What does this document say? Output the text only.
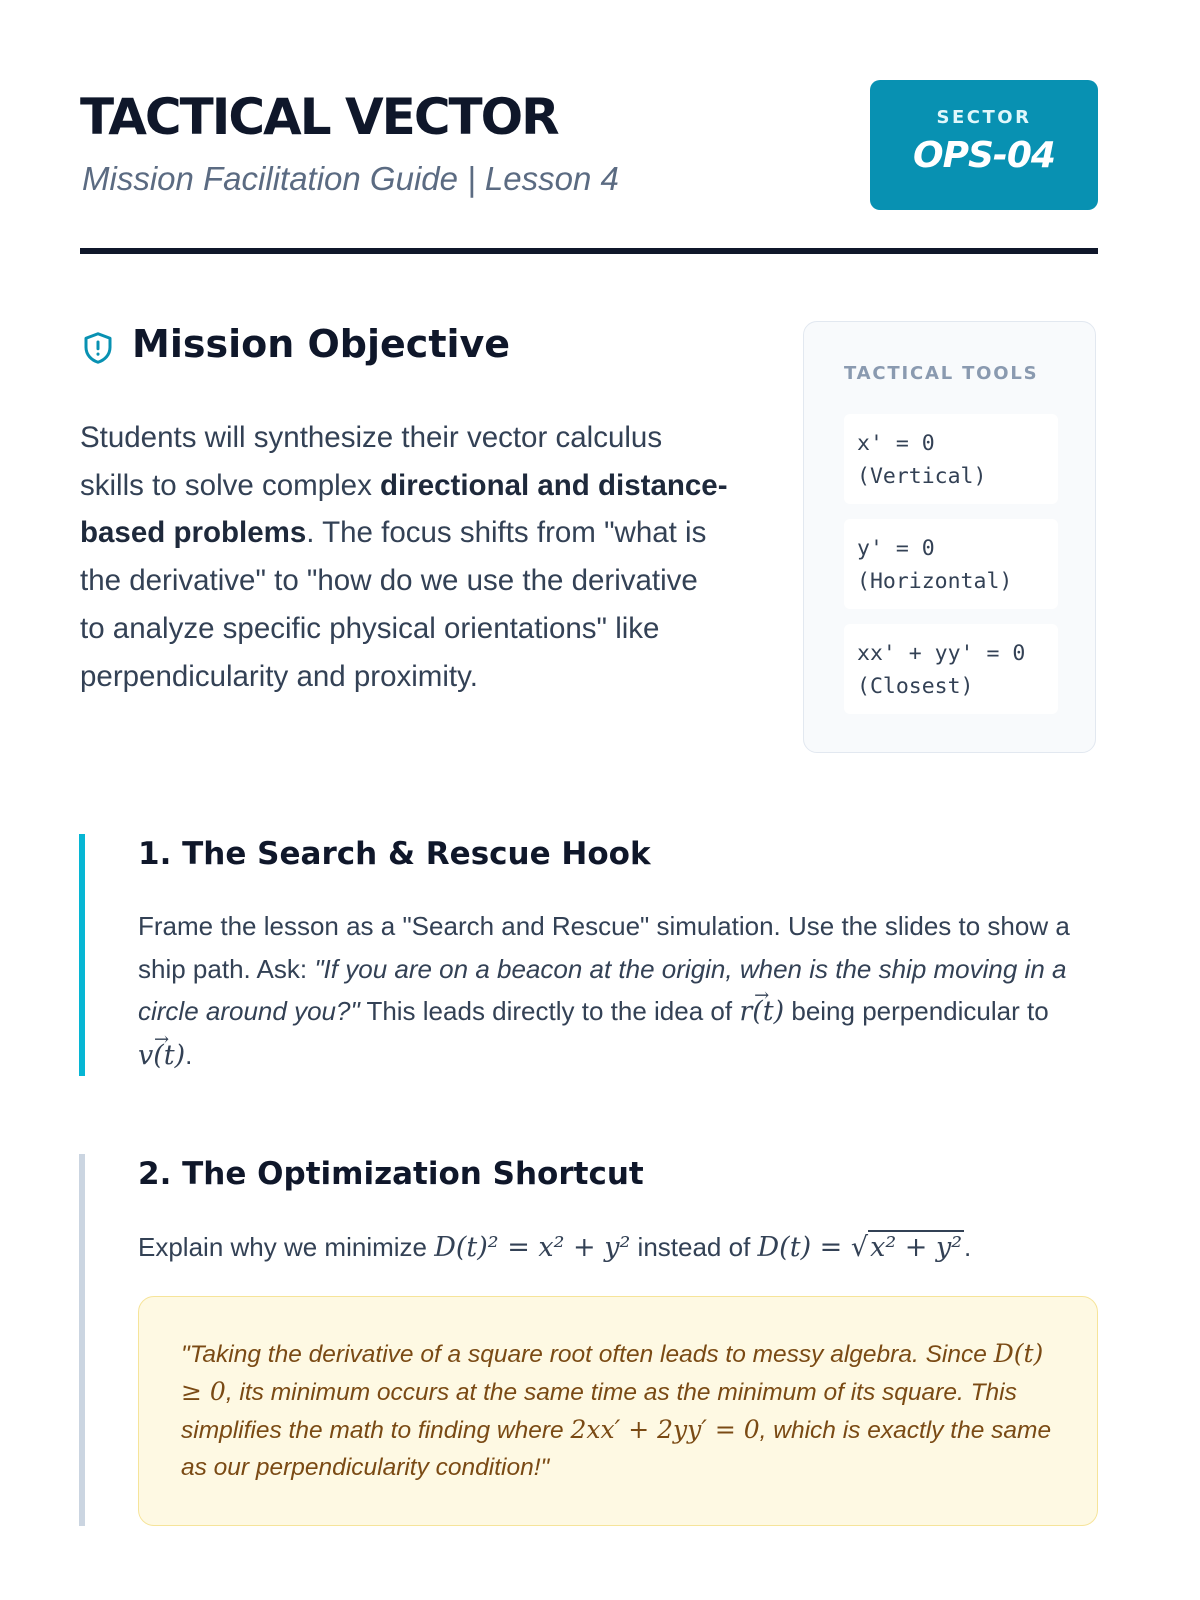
TACTICAL VECTOR
Mission Facilitation Guide | Lesson 4
SECTOR
OPS-04
Mission Objective

Students will synthesize their vector calculus skills to solve complex directional and distance-based problems. The focus shifts from "what is the derivative" to "how do we use the derivative to analyze specific physical orientations" like perpendicularity and proximity.

TACTICAL TOOLS
x' = 0
(Vertical)
y' = 0
(Horizontal)
xx' + yy' = 0
(Closest)
1. The Search & Rescue Hook

Frame the lesson as a "Search and Rescue" simulation. Use the slides to show a ship path. Ask: "If you are on a beacon at the origin, when is the ship moving in a circle around you?" This leads directly to the idea of → r(t) being perpendicular to → v(t).

2. The Optimization Shortcut

Explain why we minimize D(t)² = x² + y² instead of D(t) = √x² + y².

"Taking the derivative of a square root often leads to messy algebra. Since D(t) ≥ 0, its minimum occurs at the same time as the minimum of its square. This simplifies the math to finding where 2xx′ + 2yy′ = 0, which is exactly the same as our perpendicularity condition!"
